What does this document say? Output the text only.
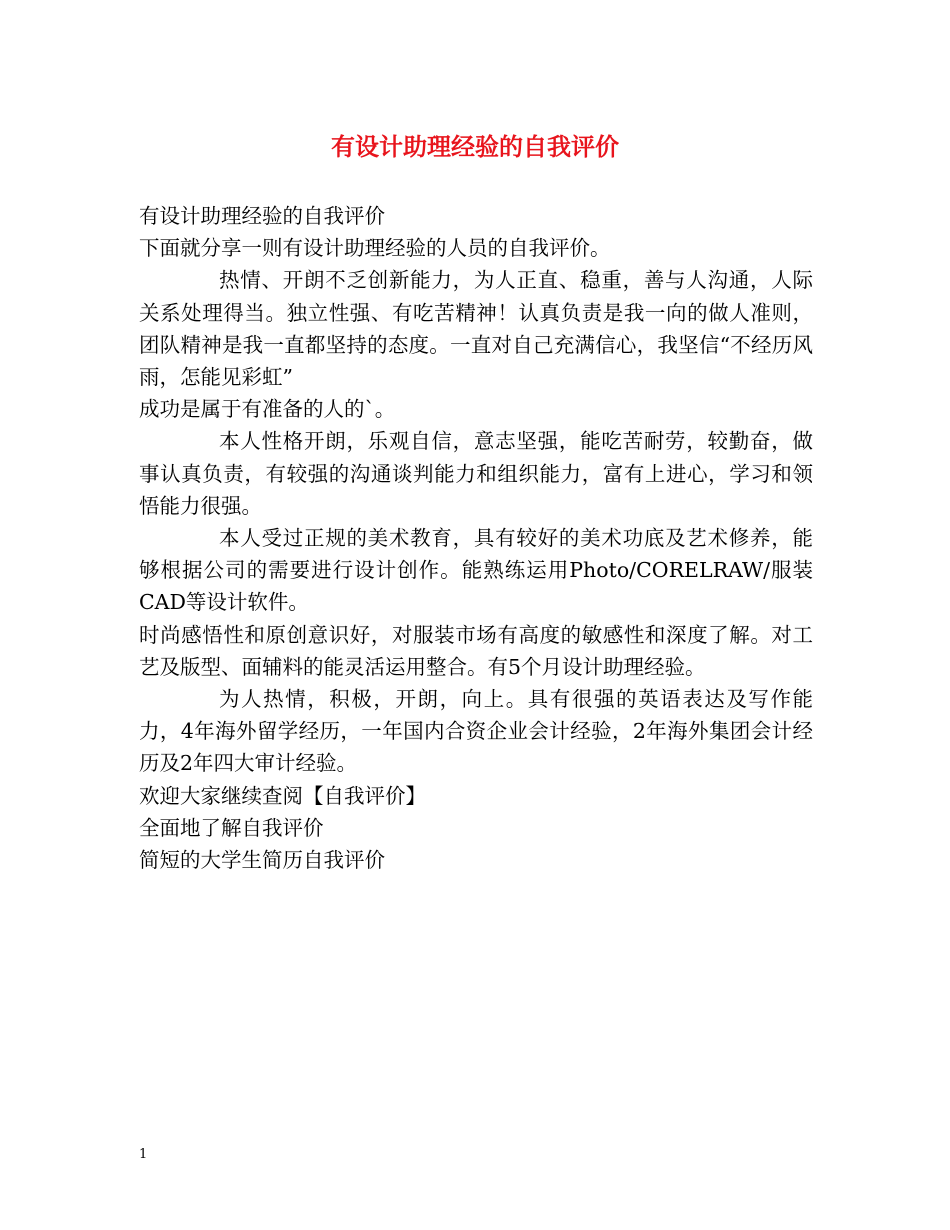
有设计助理经验的自我评价
有设计助理经验的自我评价
下面就分享一则有设计助理经验的人员的自我评价。
热情、开朗不乏创新能力，为人正直、稳重，善与人沟通，人际关系处理得当。独立性强、有吃苦精神！认真负责是我一向的做人准则，团队精神是我一直都坚持的态度。一直对自己充满信心，我坚信“不经历风雨，怎能见彩虹”
成功是属于有准备的人的`。
本人性格开朗，乐观自信，意志坚强，能吃苦耐劳，较勤奋，做事认真负责，有较强的沟通谈判能力和组织能力，富有上进心，学习和领悟能力很强。
本人受过正规的美术教育，具有较好的美术功底及艺术修养，能够根据公司的需要进行设计创作。能熟练运用Photo/CORELRAW/服装CAD等设计软件。
时尚感悟性和原创意识好，对服装市场有高度的敏感性和深度了解。对工艺及版型、面辅料的能灵活运用整合。有5个月设计助理经验。
为人热情，积极，开朗，向上。具有很强的英语表达及写作能力，4年海外留学经历，一年国内合资企业会计经验，2年海外集团会计经历及2年四大审计经验。
欢迎大家继续查阅【自我评价】
全面地了解自我评价
简短的大学生简历自我评价
1
